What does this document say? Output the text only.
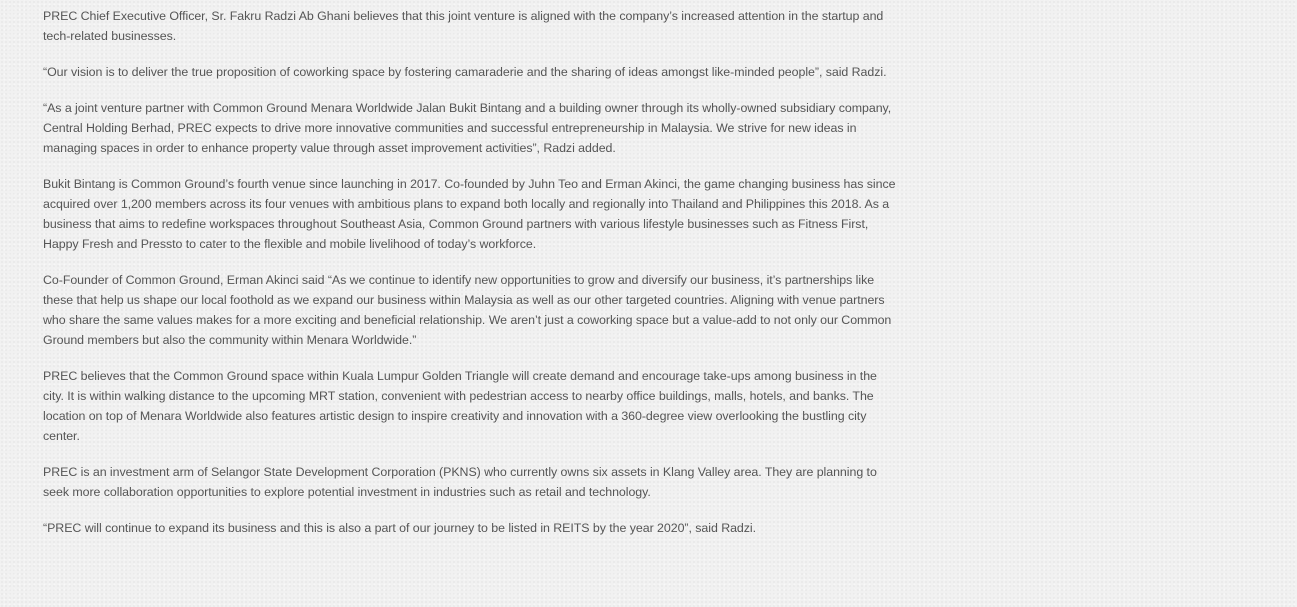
PREC Chief Executive Officer, Sr. Fakru Radzi Ab Ghani believes that this joint venture is aligned with the company’s increased attention in the startup and tech-related businesses.

“Our vision is to deliver the true proposition of coworking space by fostering camaraderie and the sharing of ideas amongst like-minded people”, said Radzi.

“As a joint venture partner with Common Ground Menara Worldwide Jalan Bukit Bintang and a building owner through its wholly-owned subsidiary company, Central Holding Berhad, PREC expects to drive more innovative communities and successful entrepreneurship in Malaysia. We strive for new ideas in managing spaces in order to enhance property value through asset improvement activities”, Radzi added.

Bukit Bintang is Common Ground’s fourth venue since launching in 2017. Co-founded by Juhn Teo and Erman Akinci, the game changing business has since acquired over 1,200 members across its four venues with ambitious plans to expand both locally and regionally into Thailand and Philippines this 2018. As a business that aims to redefine workspaces throughout Southeast Asia, Common Ground partners with various lifestyle businesses such as Fitness First, Happy Fresh and Pressto to cater to the flexible and mobile livelihood of today’s workforce.

Co-Founder of Common Ground, Erman Akinci said “As we continue to identify new opportunities to grow and diversify our business, it’s partnerships like these that help us shape our local foothold as we expand our business within Malaysia as well as our other targeted countries. Aligning with venue partners who share the same values makes for a more exciting and beneficial relationship. We aren’t just a coworking space but a value-add to not only our Common Ground members but also the community within Menara Worldwide.”

PREC believes that the Common Ground space within Kuala Lumpur Golden Triangle will create demand and encourage take-ups among business in the city. It is within walking distance to the upcoming MRT station, convenient with pedestrian access to nearby office buildings, malls, hotels, and banks. The location on top of Menara Worldwide also features artistic design to inspire creativity and innovation with a 360-degree view overlooking the bustling city center.

PREC is an investment arm of Selangor State Development Corporation (PKNS) who currently owns six assets in Klang Valley area. They are planning to seek more collaboration opportunities to explore potential investment in industries such as retail and technology.

“PREC will continue to expand its business and this is also a part of our journey to be listed in REITS by the year 2020”, said Radzi.
